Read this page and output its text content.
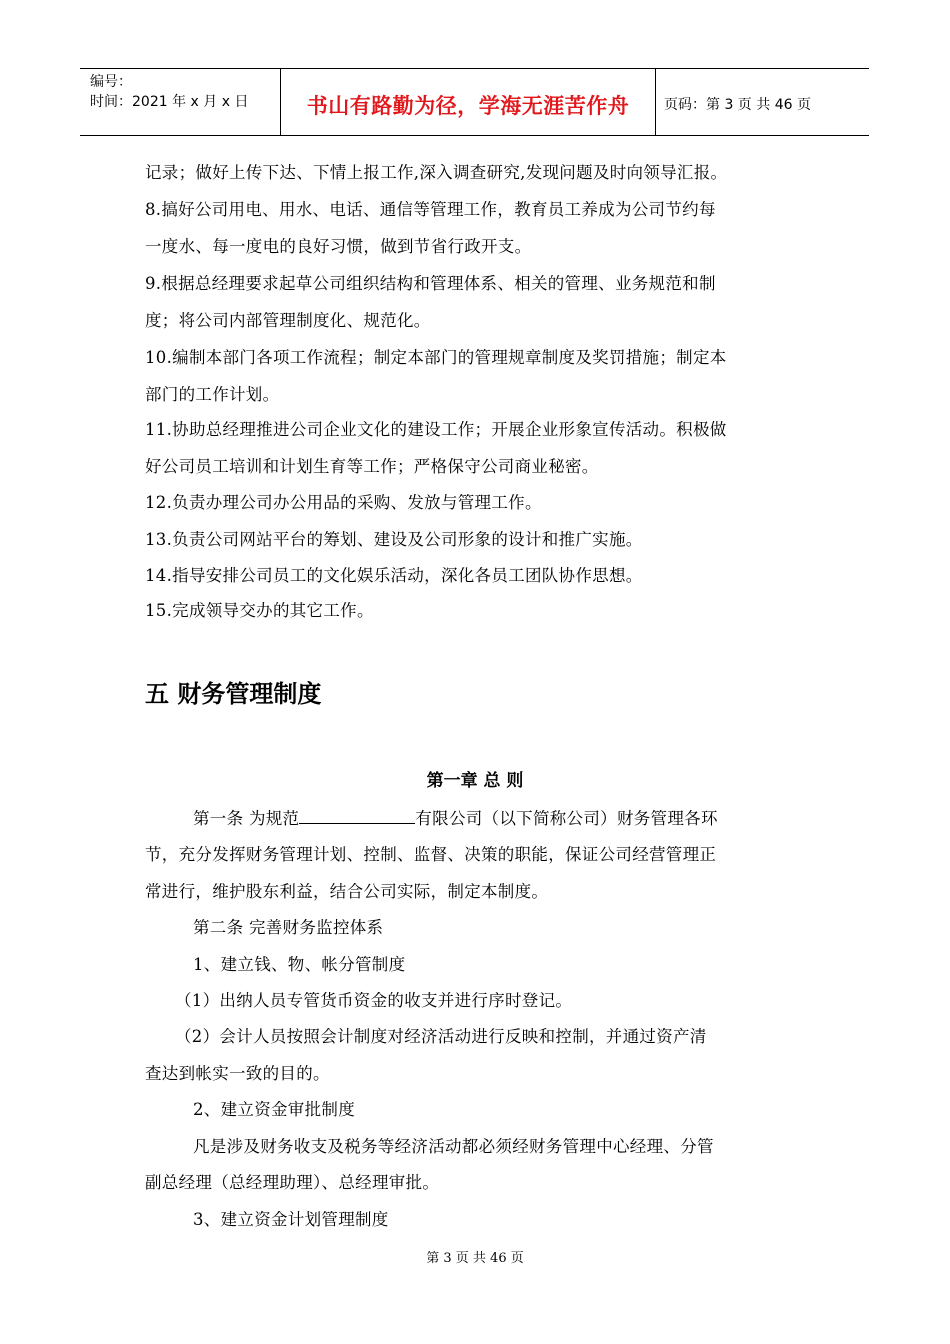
编号：
时间：2021 年 x 月 x 日	书山有路勤为径，学海无涯苦作舟	页码：第 3 页 共 46 页
记录；做好上传下达、下情上报工作,深入调查研究,发现问题及时向领导汇报。
8.搞好公司用电、用水、电话、通信等管理工作，教育员工养成为公司节约每
一度水、每一度电的良好习惯，做到节省行政开支。
9.根据总经理要求起草公司组织结构和管理体系、相关的管理、业务规范和制
度；将公司内部管理制度化、规范化。
10.编制本部门各项工作流程；制定本部门的管理规章制度及奖罚措施；制定本
部门的工作计划。
11.协助总经理推进公司企业文化的建设工作；开展企业形象宣传活动。积极做
好公司员工培训和计划生育等工作；严格保守公司商业秘密。
12.负责办理公司办公用品的采购、发放与管理工作。
13.负责公司网站平台的筹划、建设及公司形象的设计和推广实施。
14.指导安排公司员工的文化娱乐活动，深化各员工团队协作思想。
15.完成领导交办的其它工作。
五 财务管理制度
第一章 总 则
第一条 为规范	有限公司（以下简称公司）财务管理各环
节，充分发挥财务管理计划、控制、监督、决策的职能，保证公司经营管理正
常进行，维护股东利益，结合公司实际，制定本制度。
第二条 完善财务监控体系
1、建立钱、物、帐分管制度
（1）出纳人员专管货币资金的收支并进行序时登记。
（2）会计人员按照会计制度对经济活动进行反映和控制，并通过资产清
查达到帐实一致的目的。
2、建立资金审批制度
凡是涉及财务收支及税务等经济活动都必须经财务管理中心经理、分管
副总经理（总经理助理）、总经理审批。
3、建立资金计划管理制度
第 3 页 共 46 页
